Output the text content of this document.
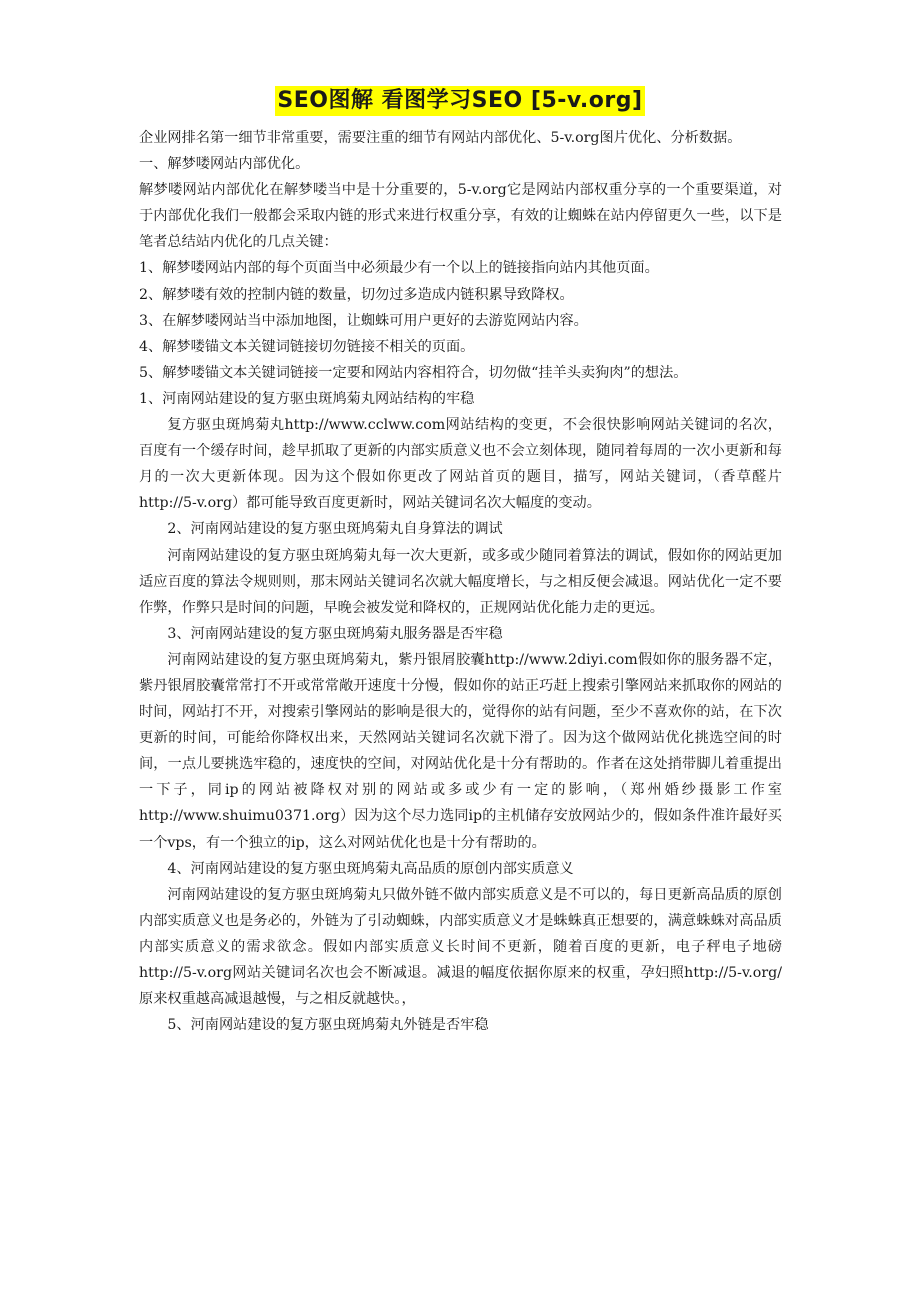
SEO图解 看图学习SEO [5-v.org]

企业网排名第一细节非常重要，需要注重的细节有网站内部优化、5-v.org图片优化、分析数据。

一、解梦喽网站内部优化。

解梦喽网站内部优化在解梦喽当中是十分重要的，5-v.org它是网站内部权重分享的一个重要渠道，对于内部优化我们一般都会采取内链的形式来进行权重分享，有效的让蜘蛛在站内停留更久一些，以下是笔者总结站内优化的几点关键：

1、解梦喽网站内部的每个页面当中必须最少有一个以上的链接指向站内其他页面。

2、解梦喽有效的控制内链的数量，切勿过多造成内链积累导致降权。

3、在解梦喽网站当中添加地图，让蜘蛛可用户更好的去游览网站内容。

4、解梦喽锚文本关键词链接切勿链接不相关的页面。

5、解梦喽锚文本关键词链接一定要和网站内容相符合，切勿做“挂羊头卖狗肉”的想法。

1、河南网站建设的复方驱虫斑鸠菊丸网站结构的牢稳

复方驱虫斑鸠菊丸http://www.cclww.com网站结构的变更，不会很快影响网站关键词的名次，百度有一个缓存时间，趁早抓取了更新的内部实质意义也不会立刻体现，随同着每周的一次小更新和每月的一次大更新体现。因为这个假如你更改了网站首页的题目，描写，网站关键词，（香草醛片http://5-v.org）都可能导致百度更新时，网站关键词名次大幅度的变动。

2、河南网站建设的复方驱虫斑鸠菊丸自身算法的调试

河南网站建设的复方驱虫斑鸠菊丸每一次大更新，或多或少随同着算法的调试，假如你的网站更加适应百度的算法令规则则，那末网站关键词名次就大幅度增长，与之相反便会减退。网站优化一定不要作弊，作弊只是时间的问题，早晚会被发觉和降权的，正规网站优化能力走的更远。

3、河南网站建设的复方驱虫斑鸠菊丸服务器是否牢稳

河南网站建设的复方驱虫斑鸠菊丸，紫丹银屑胶囊http://www.2diyi.com假如你的服务器不定，紫丹银屑胶囊常常打不开或常常敞开速度十分慢，假如你的站正巧赶上搜索引擎网站来抓取你的网站的时间，网站打不开，对搜索引擎网站的影响是很大的，觉得你的站有问题，至少不喜欢你的站，在下次更新的时间，可能给你降权出来，天然网站关键词名次就下滑了。因为这个做网站优化挑选空间的时间，一点儿要挑选牢稳的，速度快的空间，对网站优化是十分有帮助的。作者在这处捎带脚儿着重提出一下子，同ip的网站被降权对别的网站或多或少有一定的影响，（郑州婚纱摄影工作室http://www.shuimu0371.org）因为这个尽力选同ip的主机储存安放网站少的，假如条件准许最好买一个vps，有一个独立的ip，这么对网站优化也是十分有帮助的。

4、河南网站建设的复方驱虫斑鸠菊丸高品质的原创内部实质意义

河南网站建设的复方驱虫斑鸠菊丸只做外链不做内部实质意义是不可以的，每日更新高品质的原创内部实质意义也是务必的，外链为了引动蜘蛛，内部实质意义才是蛛蛛真正想要的，满意蛛蛛对高品质内部实质意义的需求欲念。假如内部实质意义长时间不更新，随着百度的更新，电子秤电子地磅http://5-v.org网站关键词名次也会不断减退。减退的幅度依据你原来的权重，孕妇照http://5-v.org/原来权重越高减退越慢，与之相反就越快。，

5、河南网站建设的复方驱虫斑鸠菊丸外链是否牢稳
